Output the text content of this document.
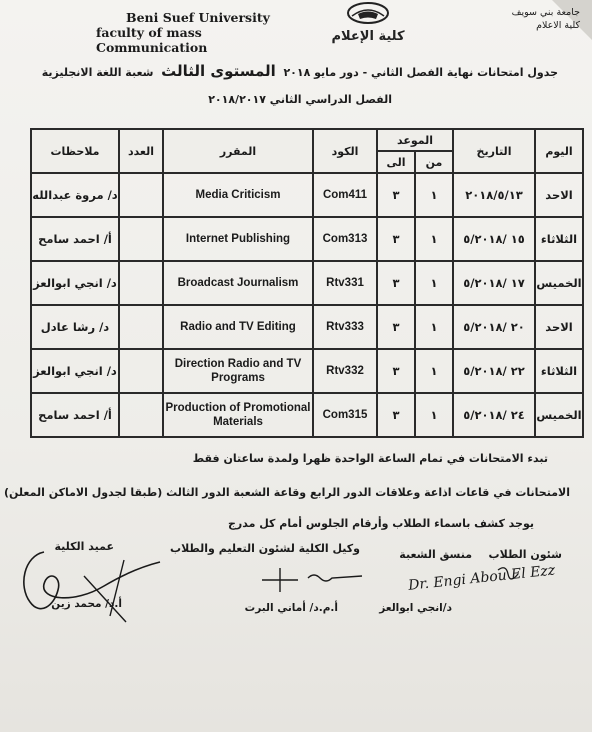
Beni Suef University
faculty of mass Communication
كلية الإعلام
جامعة بني سويف
كلية الاعلام
جدول امتحانات نهاية الفصل الثاني - دور مايو ٢٠١٨  المستوى الثالث  شعبة اللغة الانجليزية
الفصل الدراسي الثاني ٢٠١٨/٢٠١٧
اليوم	التاريخ	الموعد		الكود	المقرر	العدد	ملاحظات
		من	الى				
الاحد	٢٠١٨/٥/١٣	١	٣	Com411	Media Criticism		د/ مروة عبدالله
الثلاثاء	١٥ /٥/٢٠١٨	١	٣	Com313	Internet Publishing		أ/ احمد سامح
الخميس	١٧ /٥/٢٠١٨	١	٣	Rtv331	Broadcast Journalism		د/ انجي ابوالعز
الاحد	٢٠ /٥/٢٠١٨	١	٣	Rtv333	Radio and TV Editing		د/ رشا عادل
الثلاثاء	٢٢ /٥/٢٠١٨	١	٣	Rtv332	Direction Radio and TV Programs		د/ انجي ابوالعز
الخميس	٢٤ /٥/٢٠١٨	١	٣	Com315	Production of Promotional Materials		أ/ احمد سامح
تبدء الامتحانات في تمام الساعة الواحدة ظهرا ولمدة ساعتان فقط
الامتحانات في قاعات اذاعة وعلاقات الدور الرابع وقاعة الشعبة الدور الثالث (طبقا لجدول الاماكن المعلن)
يوجد كشف باسماء الطلاب وأرقام الجلوس أمام كل مدرج
شئون الطلاب
منسق الشعبة
وكيل الكلية لشئون التعليم والطلاب
عميد الكلية
Dr. Engi Abou El Ezz
د/انجي ابوالعز
أ.م.د/ أماني البرت
أ.د/ محمد زين
